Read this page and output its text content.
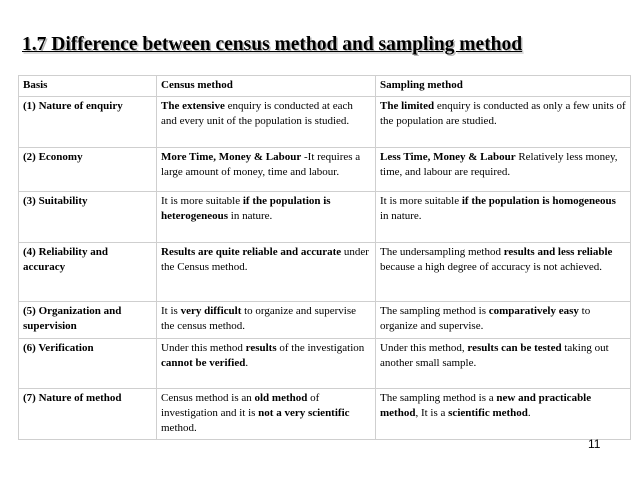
1.7 Difference between census method and sampling method
Basis	Census method	Sampling method
(1) Nature of enquiry	The extensive enquiry is conducted at each and every unit of the population is studied.	The limited enquiry is conducted as only a few units of the population are studied.
(2) Economy	More Time, Money & Labour -It requires a large amount of money, time and labour.	Less Time, Money & Labour Relatively less money, time, and labour are required.
(3) Suitability	It is more suitable if the population is heterogeneous in nature.	It is more suitable if the population is homogeneous in nature.
(4) Reliability and accuracy	Results are quite reliable and accurate under the Census method.	The undersampling method results and less reliable because a high degree of accuracy is not achieved.
(5) Organization and supervision	It is very difficult to organize and supervise the census method.	The sampling method is comparatively easy to organize and supervise.
(6) Verification	Under this method results of the investigation cannot be verified.	Under this method, results can be tested taking out another small sample.
(7) Nature of method	Census method is an old method of investigation and it is not a very scientific method.	The sampling method is a new and practicable method, It is a scientific method.
11
